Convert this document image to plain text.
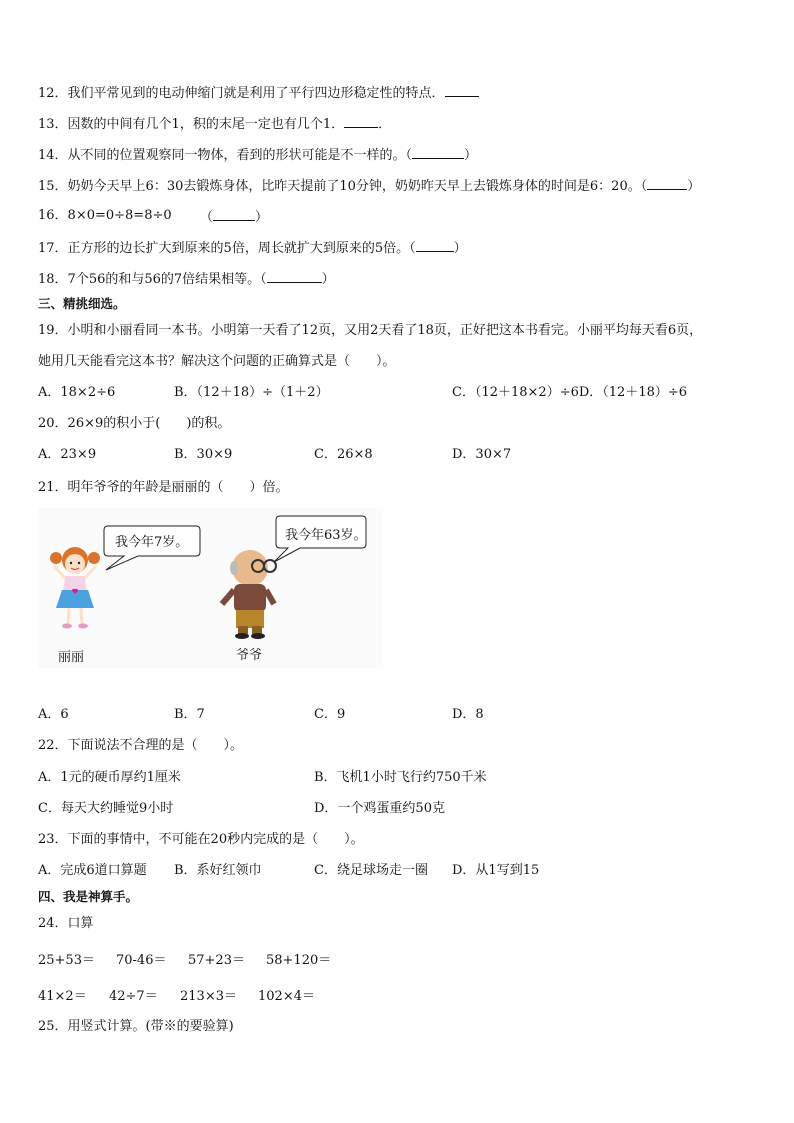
12．我们平常见到的电动伸缩门就是利用了平行四边形稳定性的特点．
13．因数的中间有几个1，积的末尾一定也有几个1．	．
14．从不同的位置观察同一物体，看到的形状可能是不一样的。（	）
15．奶奶今天早上6：30去锻炼身体，比昨天提前了10分钟，奶奶昨天早上去锻炼身体的时间是6：20。（	）
16．8×0=0÷8=8÷0 （	）
17．正方形的边长扩大到原来的5倍，周长就扩大到原来的5倍。（	）
18．7个56的和与56的7倍结果相等。（	）
三、精挑细选。
19．小明和小丽看同一本书。小明第一天看了12页，又用2天看了18页，正好把这本书看完。小丽平均每天看6页，
她用几天能看完这本书？解决这个问题的正确算式是（　　）。
A．18×2÷6	B．（12＋18）÷（1＋2）	C．（12＋18×2）÷6D．（12＋18）÷6
20．26×9的积小于(　　)的积。
A．23×9	B．30×9	C．26×8	D．30×7
21．明年爷爷的年龄是丽丽的（　　）倍。
我今年7岁。	我今年63岁。
丽丽	爷爷
A．6	B．7	C．9	D．8
22．下面说法不合理的是（　　）。
A．1元的硬币厚约1厘米	B．飞机1小时飞行约750千米
C．每天大约睡觉9小时	D．一个鸡蛋重约50克
23．下面的事情中，不可能在20秒内完成的是（　　）。
A．完成6道口算题 B．系好红领巾	C．绕足球场走一圈 D．从1写到15
四、我是神算手。
24．口算
25+53＝ 70-46＝ 57+23＝ 58+120＝
41×2＝ 42÷7＝ 213×3＝ 102×4＝
25．用竖式计算。(带※的要验算)
